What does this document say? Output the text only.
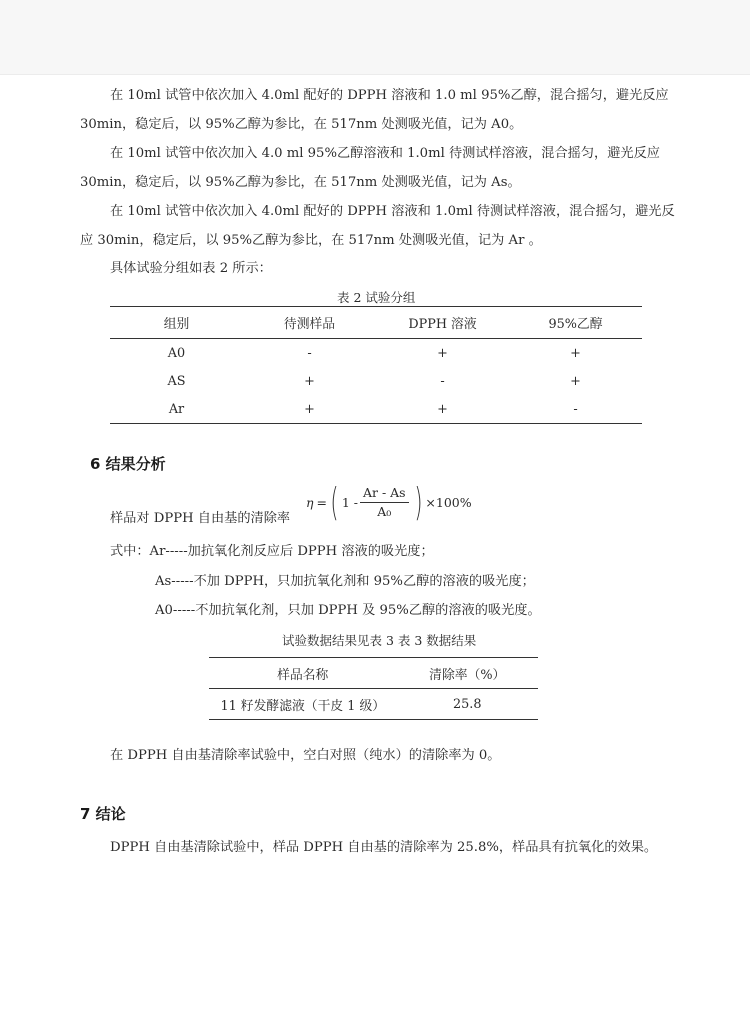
在 10ml 试管中依次加入 4.0ml 配好的 DPPH 溶液和 1.0 ml 95%乙醇，混合摇匀，避光反应 30min，稳定后，以 95%乙醇为参比，在 517nm 处测吸光值，记为 A0。

在 10ml 试管中依次加入 4.0 ml 95%乙醇溶液和 1.0ml 待测试样溶液，混合摇匀，避光反应 30min，稳定后，以 95%乙醇为参比，在 517nm 处测吸光值，记为 As。

在 10ml 试管中依次加入 4.0ml 配好的 DPPH 溶液和 1.0ml 待测试样溶液，混合摇匀，避光反应 30min，稳定后，以 95%乙醇为参比，在 517nm 处测吸光值，记为 Ar 。

具体试验分组如表 2 所示：

表 2 试验分组
组别	待测样品	DPPH 溶液	95%乙醇
A0	-	+	+
AS	+	-	+
Ar	+	+	-
6 结果分析
η = ( $1 - \frac{Ar - As}{\text{A₀}}$ ) ×100%
样品对 DPPH 自由基的清除率
式中：Ar-----加抗氧化剂反应后 DPPH 溶液的吸光度；
As-----不加 DPPH，只加抗氧化剂和 95%乙醇的溶液的吸光度；
A0-----不加抗氧化剂，只加 DPPH 及 95%乙醇的溶液的吸光度。
试验数据结果见表 3 表 3 数据结果
样品名称	清除率（%）
11 籽发酵滤液（干皮 1 级）	25.8
在 DPPH 自由基清除率试验中，空白对照（纯水）的清除率为 0。
7 结论

DPPH 自由基清除试验中，样品 DPPH 自由基的清除率为 25.8%，样品具有抗氧化的效果。
